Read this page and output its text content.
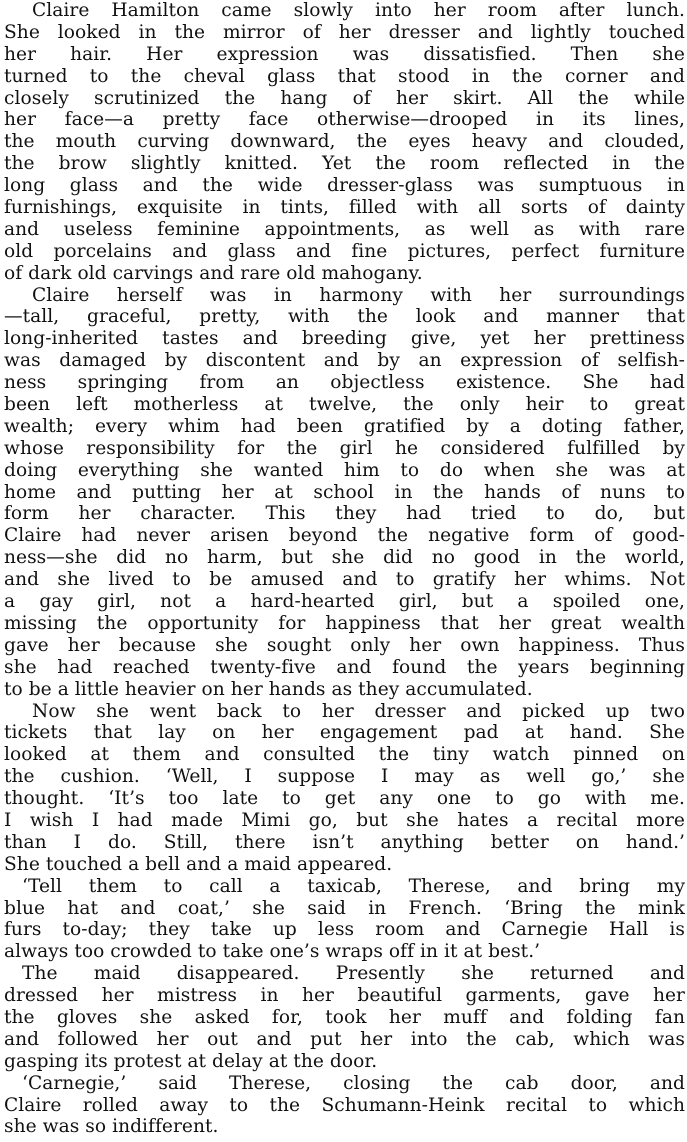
Claire Hamilton came slowly into her room after lunch.
She looked in the mirror of her dresser and lightly touched
her hair. Her expression was dissatisfied. Then she
turned to the cheval glass that stood in the corner and
closely scrutinized the hang of her skirt. All the while
her face—a pretty face otherwise—drooped in its lines,
the mouth curving downward, the eyes heavy and clouded,
the brow slightly knitted. Yet the room reflected in the
long glass and the wide dresser-glass was sumptuous in
furnishings, exquisite in tints, filled with all sorts of dainty
and useless feminine appointments, as well as with rare
old porcelains and glass and fine pictures, perfect furniture
of dark old carvings and rare old mahogany.
Claire herself was in harmony with her surroundings
—tall, graceful, pretty, with the look and manner that
long-inherited tastes and breeding give, yet her prettiness
was damaged by discontent and by an expression of selfish-
ness springing from an objectless existence. She had
been left motherless at twelve, the only heir to great
wealth; every whim had been gratified by a doting father,
whose responsibility for the girl he considered fulfilled by
doing everything she wanted him to do when she was at
home and putting her at school in the hands of nuns to
form her character. This they had tried to do, but
Claire had never arisen beyond the negative form of good-
ness—she did no harm, but she did no good in the world,
and she lived to be amused and to gratify her whims. Not
a gay girl, not a hard-hearted girl, but a spoiled one,
missing the opportunity for happiness that her great wealth
gave her because she sought only her own happiness. Thus
she had reached twenty-five and found the years beginning
to be a little heavier on her hands as they accumulated.
Now she went back to her dresser and picked up two
tickets that lay on her engagement pad at hand. She
looked at them and consulted the tiny watch pinned on
the cushion. ‘Well, I suppose I may as well go,’ she
thought. ‘It’s too late to get any one to go with me.
I wish I had made Mimi go, but she hates a recital more
than I do. Still, there isn’t anything better on hand.’
She touched a bell and a maid appeared.
‘Tell them to call a taxicab, Therese, and bring my
blue hat and coat,’ she said in French. ‘Bring the mink
furs to-day; they take up less room and Carnegie Hall is
always too crowded to take one’s wraps off in it at best.’
The maid disappeared. Presently she returned and
dressed her mistress in her beautiful garments, gave her
the gloves she asked for, took her muff and folding fan
and followed her out and put her into the cab, which was
gasping its protest at delay at the door.
‘Carnegie,’ said Therese, closing the cab door, and
Claire rolled away to the Schumann-Heink recital to which
she was so indifferent.
